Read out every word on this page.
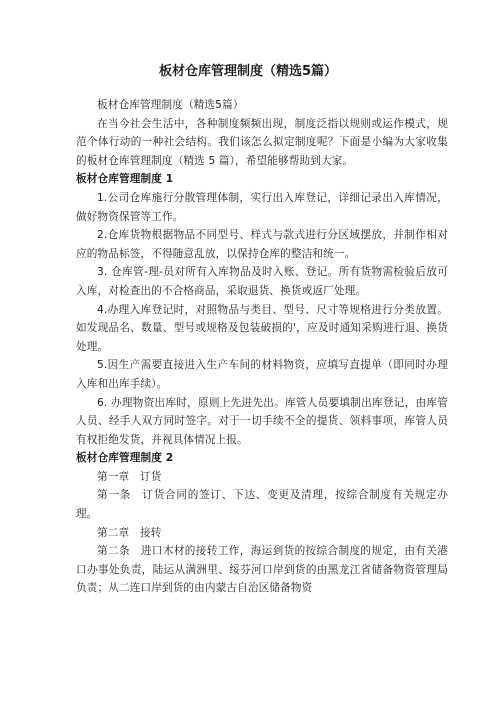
板材仓库管理制度（精选5篇）

板材仓库管理制度（精选5篇）

在当今社会生活中，各种制度频频出现，制度泛指以规则或运作模式，规范个体行动的一种社会结构。我们该怎么拟定制度呢？下面是小编为大家收集的板材仓库管理制度（精选 5 篇），希望能够帮助到大家。

板材仓库管理制度 1

1.公司仓库施行分散管理体制，实行出入库登记，详细记录出入库情况，做好物资保管等工作。

2.仓库货物根据物品不同型号、样式与款式进行分区域摆放，并制作相对应的物品标签，不得随意乱放，以保持仓库的整洁和统一。

3. 仓库管-理-员对所有入库物品及时入账、登记。所有货物需检验后放可入库，对检查出的不合格商品，采取退货、换货或返厂处理。

4.办理入库登记时，对照物品与类目、型号、尺寸等规格进行分类放置。如发现品名、数量、型号或规格及包装破损的'，应及时通知采购进行退、换货处理。

5.因生产需要直接进入生产车间的材料物资，应填写直提单（即同时办理入库和出库手续）。

6. 办理物资出库时，原则上先进先出。库管人员要填制出库登记，由库管人员、经手人双方同时签字。对于一切手续不全的提货、领料事项，库管人员有权拒绝发货，并视具体情况上报。

板材仓库管理制度 2

第一章　订货

第一条　订货合同的签订、下达、变更及清理，按综合制度有关规定办理。

第二章　接转

第二条　进口木材的接转工作，海运到货的按综合制度的规定，由有关港口办事处负责，陆运从满洲里、绥芬河口岸到货的由黑龙江省储备物资管理局负责；从二连口岸到货的由内蒙古自治区储备物资
